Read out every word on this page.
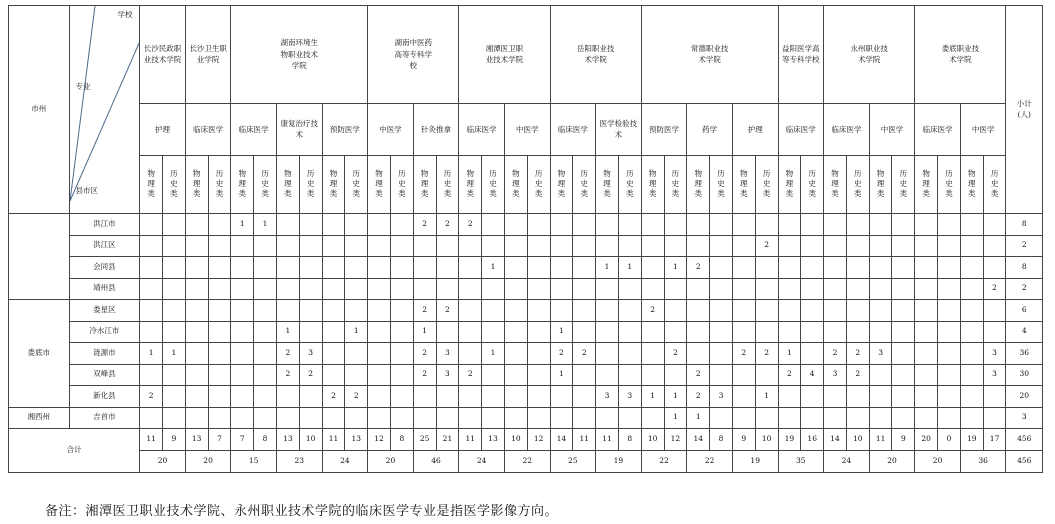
市州	学校
专业
县市区	长沙民政职业技术学院		长沙卫生职业学院		湖南环境生物职业技术学院						湖南中医药高等专科学校				湘潭医卫职业技术学院				岳阳职业技术学院				常德职业技术学院						益阳医学高等专科学校		永州职业技术学院				娄底职业技术学院				小计(人)
		护理		临床医学		临床医学		康复治疗技术		预防医学		中医学		针灸推拿		临床医学		中医学		临床医学		医学检验技术		预防医学		药学		护理		临床医学		临床医学		中医学		临床医学		中医学		
		物理类	历史类	物理类	历史类	物理类	历史类	物理类	历史类	物理类	历史类	物理类	历史类	物理类	历史类	物理类	历史类	物理类	历史类	物理类	历史类	物理类	历史类	物理类	历史类	物理类	历史类	物理类	历史类	物理类	历史类	物理类	历史类	物理类	历史类	物理类	历史类	物理类	历史类	
	洪江市					1	1							2	2	2																								8
	洪江区																												2											2
	会同县																1					1	1		1	2														8
	靖州县																																						2	2
娄底市	娄星区													2	2									2																6
	冷水江市							1			1			1						1																				4
	涟源市	1	1					2	3					2	3		1			2	2				2			2	2	1		2	2	3					3	36
	双峰县							2	2					2	3	2				1						2				2	4	3	2						3	30
	新化县	2								2	2											3	3	1	1	2	3		1											20
湘西州	吉首市																								1	1														3
合计		11	9	13	7	7	8	13	10	11	13	12	8	25	21	11	13	10	12	14	11	11	8	10	12	14	8	9	10	19	16	14	10	11	9	20	0	19	17	456
		20		20		15		23		24		20		46		24		22		25		19		22		22		19		35		24		20		20		36		456
备注：湘潭医卫职业技术学院、永州职业技术学院的临床医学专业是指医学影像方向。
